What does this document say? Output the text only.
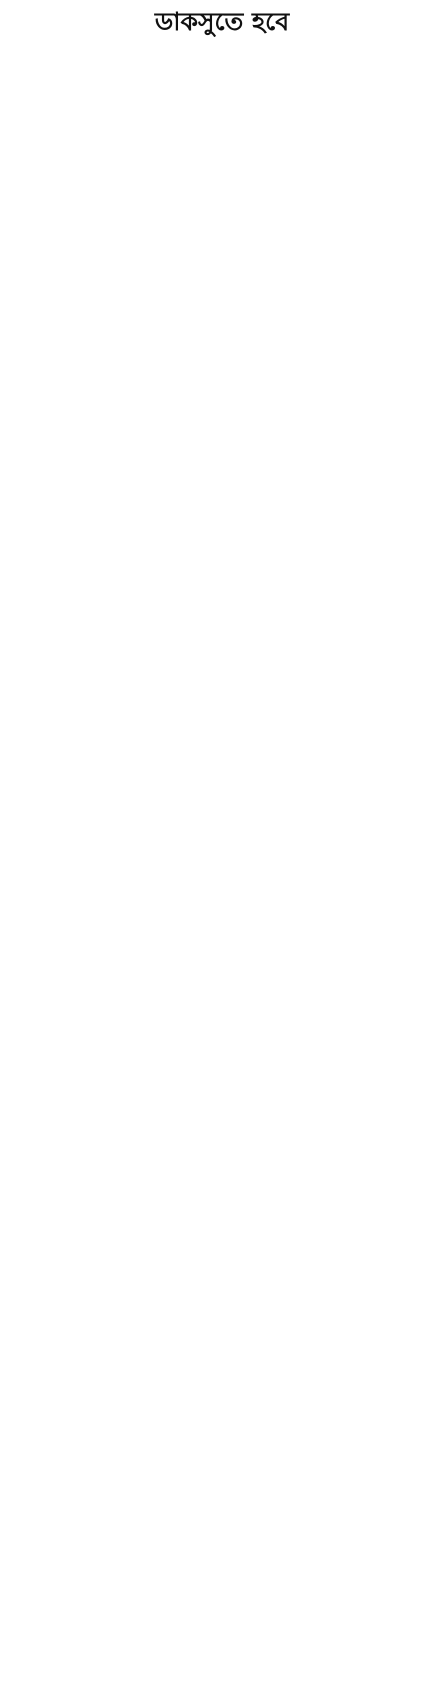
ডাকসুতে হবে
